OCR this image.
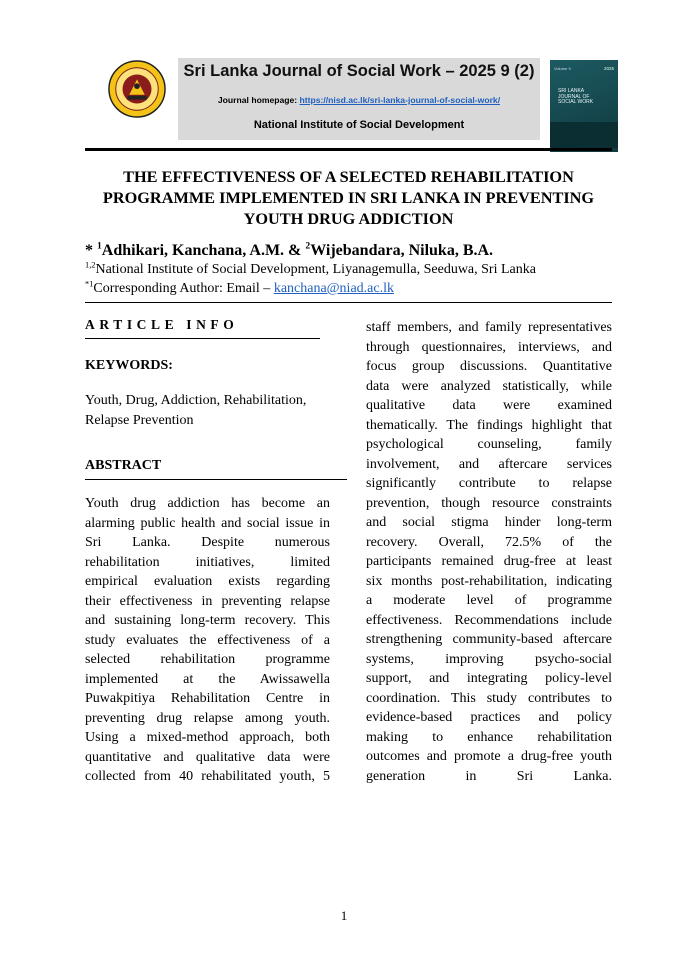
Sri Lanka Journal of Social Work – 2025 9 (2)
Journal homepage: https://nisd.ac.lk/sri-lanka-journal-of-social-work/
National Institute of Social Development
Volume 9	2025
SRI LANKA
JOURNAL OF
SOCIAL WORK
THE EFFECTIVENESS OF A SELECTED REHABILITATION
PROGRAMME IMPLEMENTED IN SRI LANKA IN PREVENTING
YOUTH DRUG ADDICTION
* $^1$Adhikari, Kanchana, A.M. & $^2$Wijebandara, Niluka, B.A.
$^{1,2}$National Institute of Social Development, Liyanagemulla, Seeduwa, Sri Lanka
$^{*1}$Corresponding Author: Email – kanchana@niad.ac.lk
ARTICLE INFO
KEYWORDS:
Youth, Drug, Addiction, Rehabilitation,
Relapse Prevention
ABSTRACT
Youth drug addiction has become an
alarming public health and social issue in
Sri Lanka. Despite numerous
rehabilitation initiatives, limited
empirical evaluation exists regarding
their effectiveness in preventing relapse
and sustaining long-term recovery. This
study evaluates the effectiveness of a
selected rehabilitation programme
implemented at the Awissawella
Puwakpitiya Rehabilitation Centre in
preventing drug relapse among youth.
Using a mixed-method approach, both
quantitative and qualitative data were
collected from 40 rehabilitated youth, 5
staff members, and family representatives
through questionnaires, interviews, and
focus group discussions. Quantitative
data were analyzed statistically, while
qualitative data were examined
thematically. The findings highlight that
psychological counseling, family
involvement, and aftercare services
significantly contribute to relapse
prevention, though resource constraints
and social stigma hinder long-term
recovery. Overall, 72.5% of the
participants remained drug-free at least
six months post-rehabilitation, indicating
a moderate level of programme
effectiveness. Recommendations include
strengthening community-based aftercare
systems, improving psycho-social
support, and integrating policy-level
coordination. This study contributes to
evidence-based practices and policy
making to enhance rehabilitation
outcomes and promote a drug-free youth
generation in Sri Lanka.
1
